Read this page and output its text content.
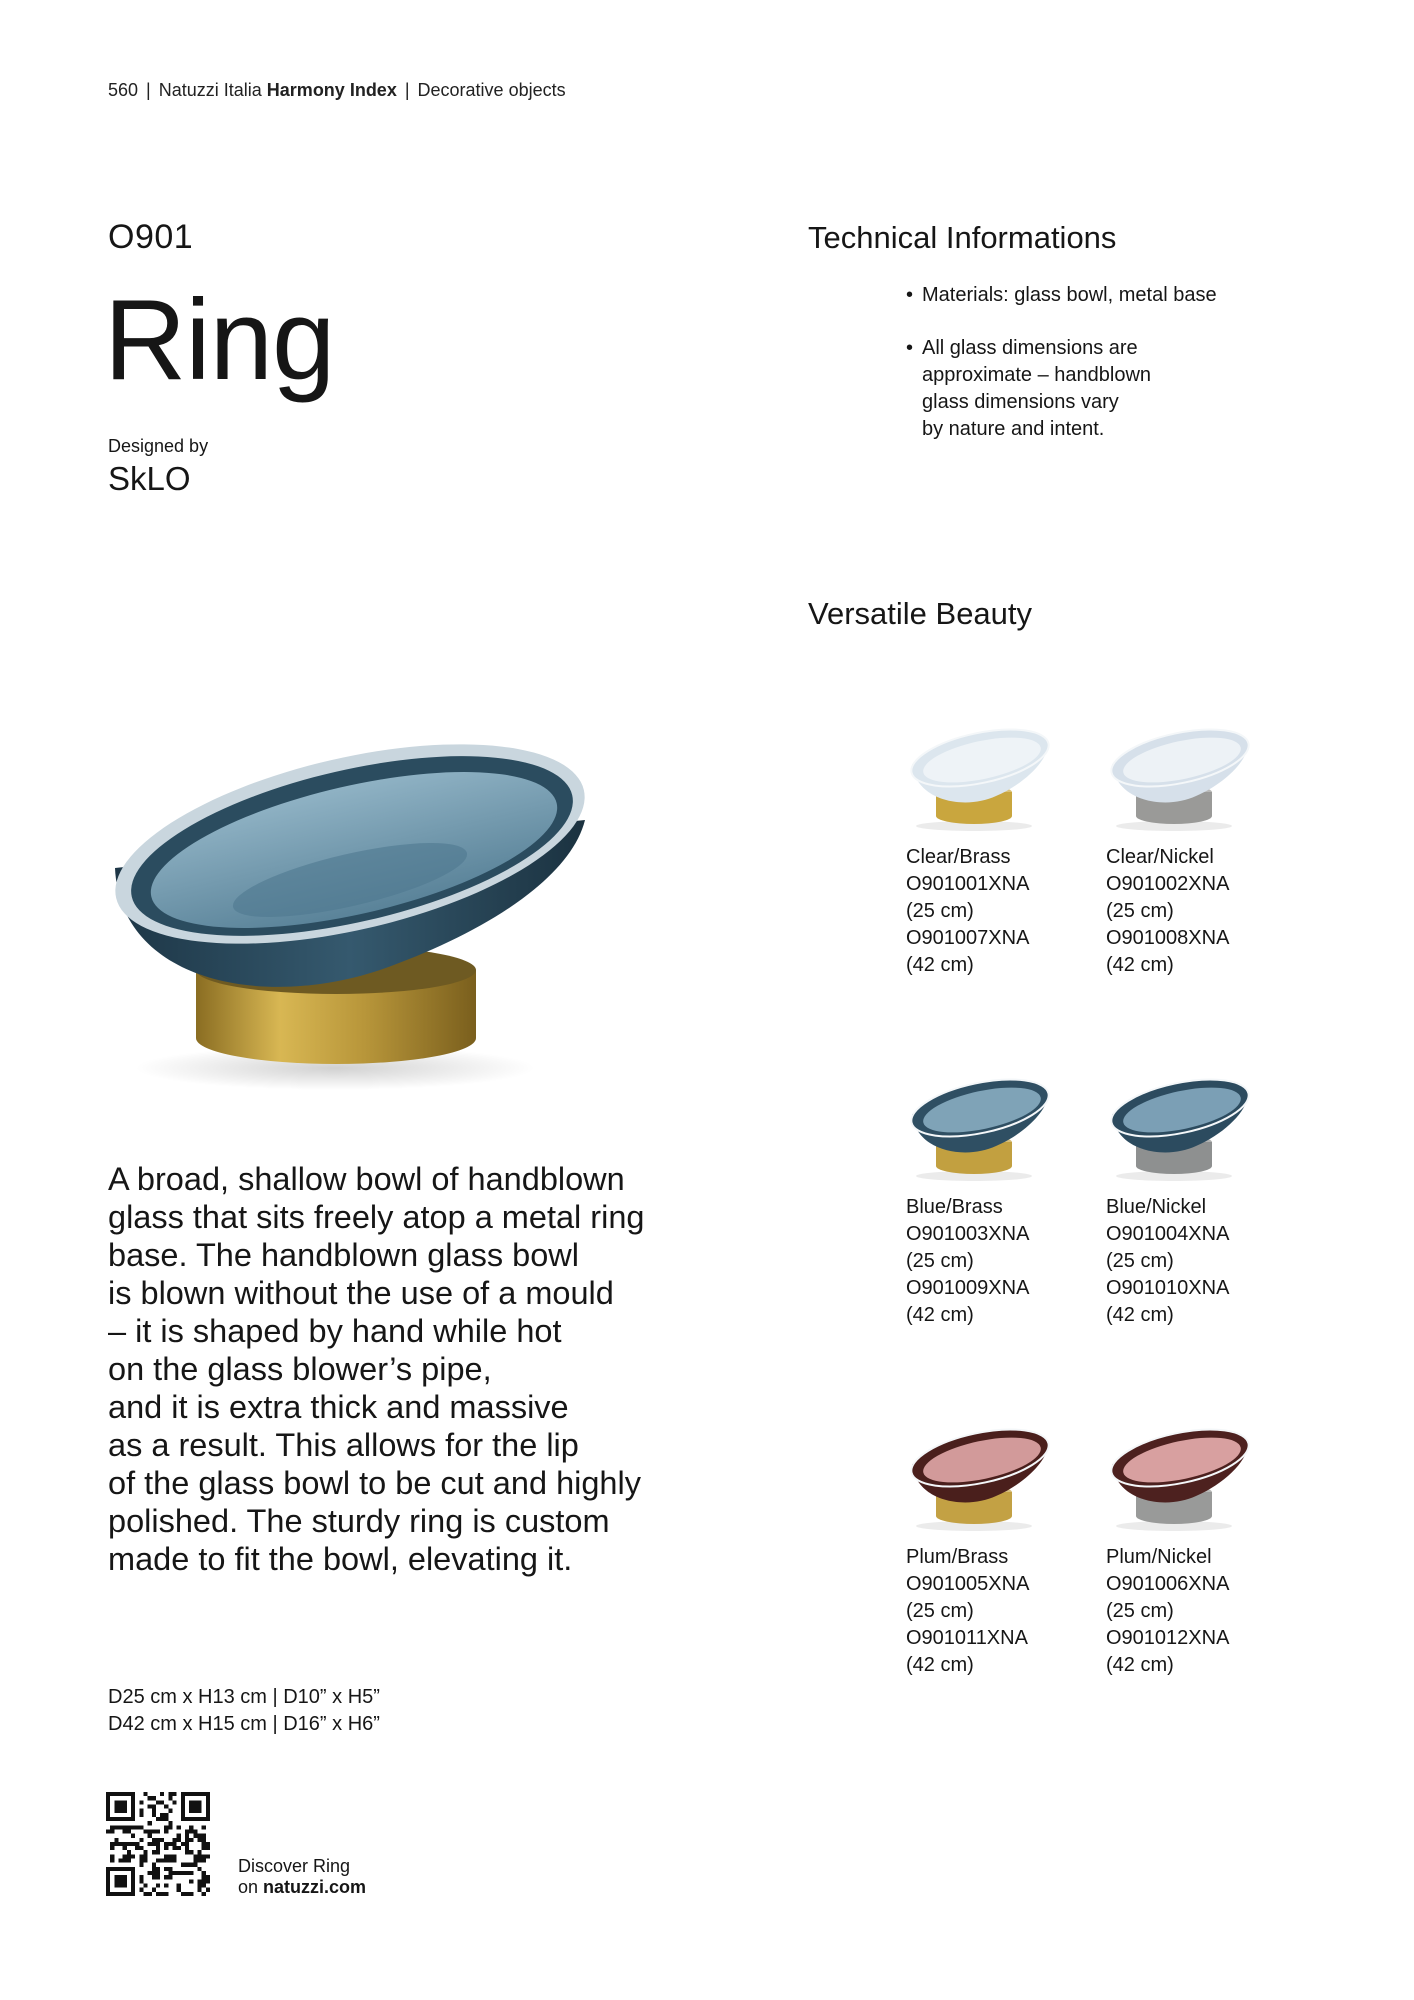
560 | Natuzzi Italia Harmony Index | Decorative objects
O901
Ring
Designed by
SkLO
A broad, shallow bowl of handblown
glass that sits freely atop a metal ring
base. The handblown glass bowl
is blown without the use of a mould
– it is shaped by hand while hot
on the glass blower’s pipe,
and it is extra thick and massive
as a result. This allows for the lip
of the glass bowl to be cut and highly
polished. The sturdy ring is custom
made to fit the bowl, elevating it.
D25 cm x H13 cm | D10” x H5”
D42 cm x H15 cm | D16” x H6”
Discover Ring
on natuzzi.com
Technical Informations
• Materials: glass bowl, metal base
• All glass dimensions are
approximate – handblown
glass dimensions vary
by nature and intent.
Versatile Beauty
Clear/Brass
O901001XNA
(25 cm)
O901007XNA
(42 cm)
Clear/Nickel
O901002XNA
(25 cm)
O901008XNA
(42 cm)
Blue/Brass
O901003XNA
(25 cm)
O901009XNA
(42 cm)
Blue/Nickel
O901004XNA
(25 cm)
O901010XNA
(42 cm)
Plum/Brass
O901005XNA
(25 cm)
O901011XNA
(42 cm)
Plum/Nickel
O901006XNA
(25 cm)
O901012XNA
(42 cm)
